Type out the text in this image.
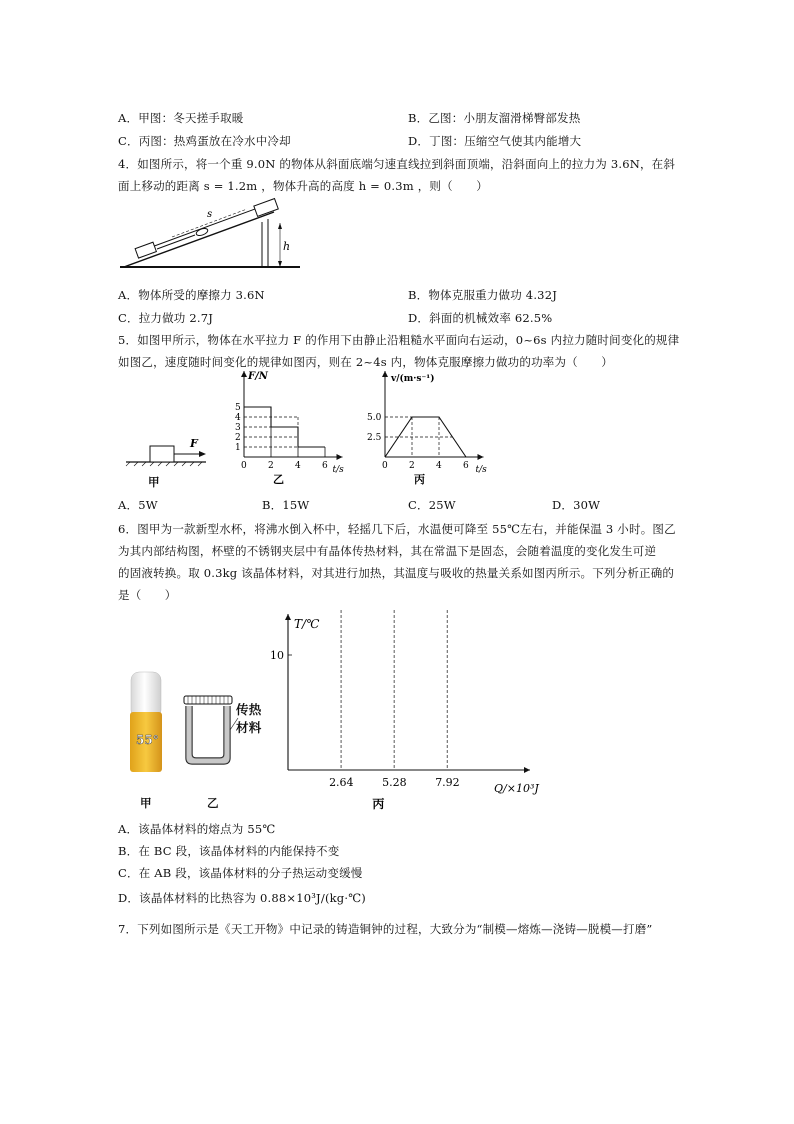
A．甲图：冬天搓手取暖	B．乙图：小朋友溜滑梯臀部发热
C．丙图：热鸡蛋放在冷水中冷却	D．丁图：压缩空气使其内能增大
4．如图所示，将一个重 9.0N 的物体从斜面底端匀速直线拉到斜面顶端，沿斜面向上的拉力为 3.6N，在斜
面上移动的距离 s = 1.2m ，物体升高的高度 h = 0.3m ，则（　　）
s
h
A．物体所受的摩擦力 3.6N	B．物体克服重力做功 4.32J
C．拉力做功 2.7J	D．斜面的机械效率 62.5%
5．如图甲所示，物体在水平拉力 F 的作用下由静止沿粗糙水平面向右运动，0~6s 内拉力随时间变化的规律
如图乙，速度随时间变化的规律如图丙，则在 2~4s 内，物体克服摩擦力做功的功率为（　　）
F
甲
F/N
t/s
0 2 4 6
1
2
3
4
5
乙
v/(m·s⁻¹)
t/s
0 2 4 6
2.5
5.0
丙
A．5W	B．15W	C．25W	D．30W
6．图甲为一款新型水杯，将沸水倒入杯中，轻摇几下后，水温便可降至 55℃左右，并能保温 3 小时。图乙
为其内部结构图，杯壁的不锈钢夹层中有晶体传热材料，其在常温下是固态，会随着温度的变化发生可逆
的固液转换。取 0.3kg 该晶体材料，对其进行加热，其温度与吸收的热量关系如图丙所示。下列分析正确的
是（　　）
55°
传热
材料
甲	乙
T/℃
Q/×10³J
10
2.64	5.28	7.92
丙
A．该晶体材料的熔点为 55℃
B．在 BC 段，该晶体材料的内能保持不变
C．在 AB 段，该晶体材料的分子热运动变缓慢
D．该晶体材料的比热容为 0.88×10³J/(kg·℃)
7．下列如图所示是《天工开物》中记录的铸造铜钟的过程，大致分为“制模—熔炼—浇铸—脱模—打磨”
